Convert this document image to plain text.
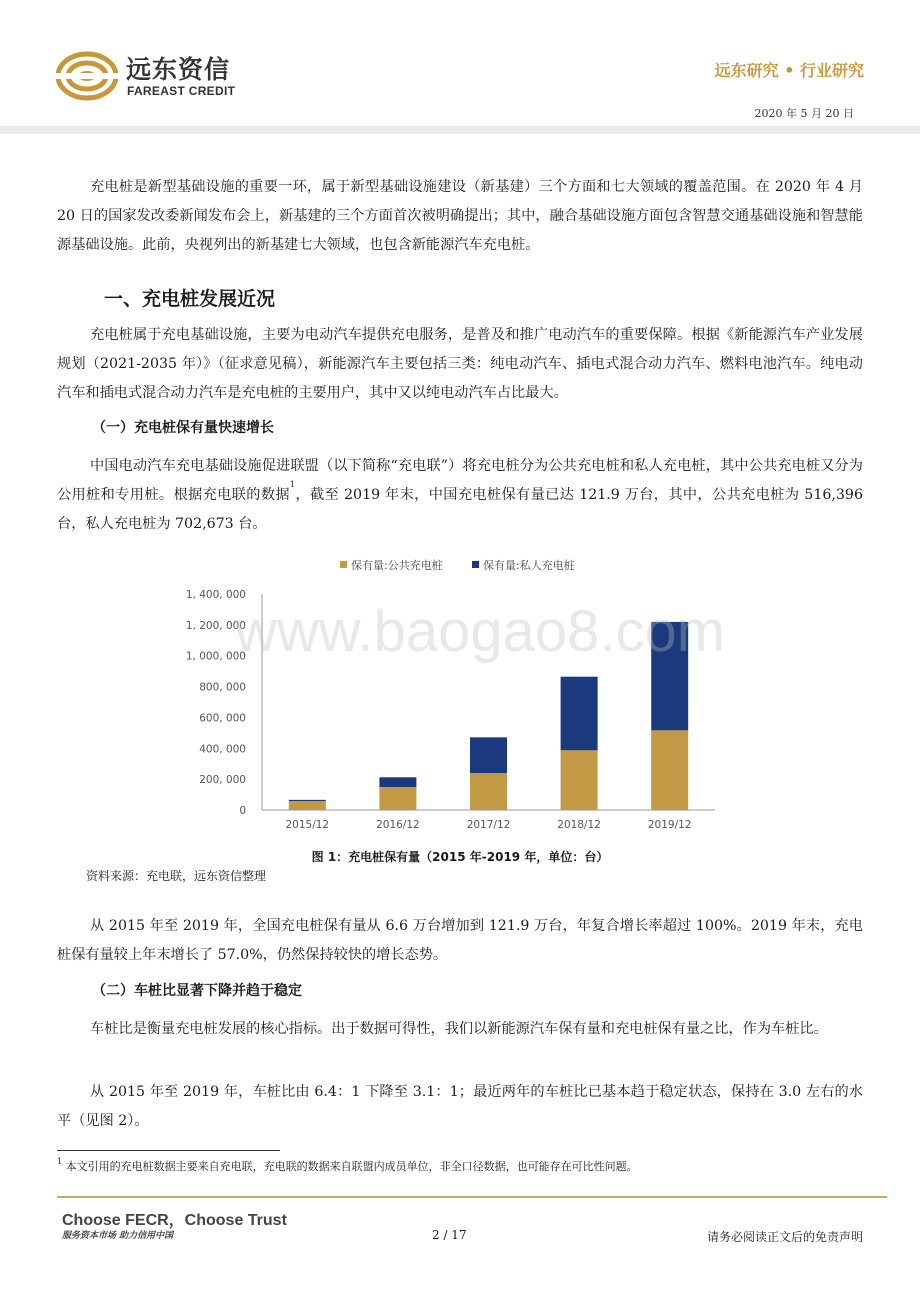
远东资信
FAREAST CREDIT
远东研究 • 行业研究
2020 年 5 月 20 日

充电桩是新型基础设施的重要一环，属于新型基础设施建设（新基建）三个方面和七大领域的覆盖范围。在 2020 年 4 月 20 日的国家发改委新闻发布会上，新基建的三个方面首次被明确提出；其中，融合基础设施方面包含智慧交通基础设施和智慧能源基础设施。此前，央视列出的新基建七大领域，也包含新能源汽车充电桩。

一、充电桩发展近况

充电桩属于充电基础设施，主要为电动汽车提供充电服务，是普及和推广电动汽车的重要保障。根据《新能源汽车产业发展规划（2021-2035 年）》（征求意见稿），新能源汽车主要包括三类：纯电动汽车、插电式混合动力汽车、燃料电池汽车。纯电动汽车和插电式混合动力汽车是充电桩的主要用户，其中又以纯电动汽车占比最大。

（一）充电桩保有量快速增长

中国电动汽车充电基础设施促进联盟（以下简称“充电联”）将充电桩分为公共充电桩和私人充电桩，其中公共充电桩又分为公用桩和专用桩。根据充电联的数据$^1$，截至 2019 年末，中国充电桩保有量已达 121.9 万台，其中，公共充电桩为 516,396 台，私人充电桩为 702,673 台。

保有量:公共充电桩	保有量:私人充电桩
0
200, 000
400, 000
600, 000
800, 000
1, 000, 000
1, 200, 000
1, 400, 000
2015/12	2016/12	2017/12	2018/12	2019/12
www.baogao8.com
图 1：充电桩保有量（2015 年-2019 年，单位：台）
资料来源：充电联，远东资信整理

从 2015 年至 2019 年，全国充电桩保有量从 6.6 万台增加到 121.9 万台，年复合增长率超过 100%。2019 年末，充电桩保有量较上年末增长了 57.0%，仍然保持较快的增长态势。

（二）车桩比显著下降并趋于稳定

车桩比是衡量充电桩发展的核心指标。出于数据可得性，我们以新能源汽车保有量和充电桩保有量之比，作为车桩比。

从 2015 年至 2019 年，车桩比由 6.4：1 下降至 3.1：1；最近两年的车桩比已基本趋于稳定状态，保持在 3.0 左右的水平（见图 2）。

$^1$ 本文引用的充电桩数据主要来自充电联，充电联的数据来自联盟内成员单位，非全口径数据，也可能存在可比性问题。
Choose FECR，Choose Trust
服务资本市场 助力信用中国	2 / 17	请务必阅读正文后的免责声明
